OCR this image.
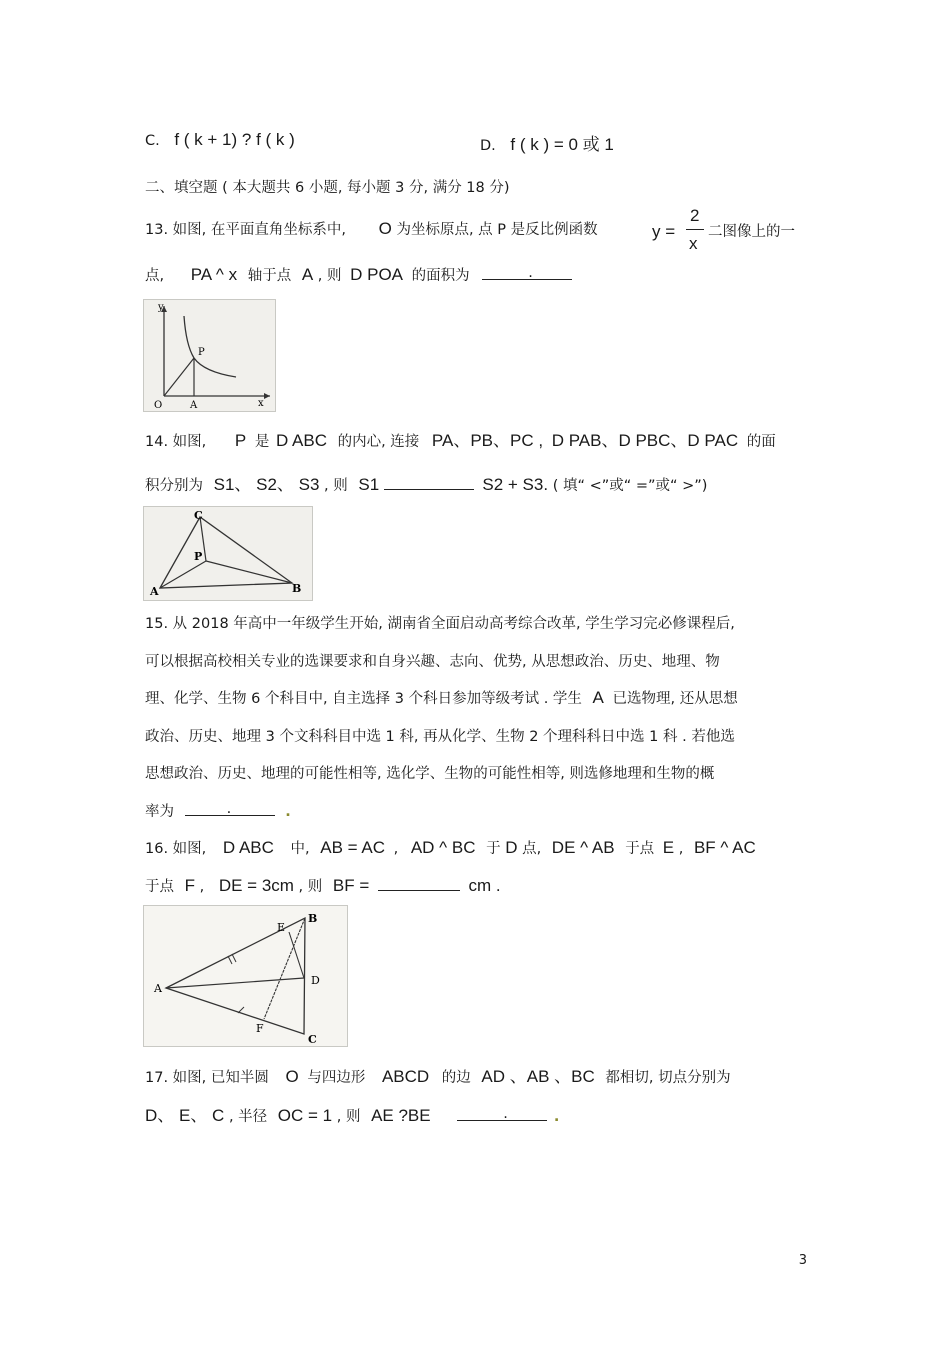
C. f ( k + 1) ? f ( k )	D. f ( k ) = 0 或 1
二、填空题 ( 本大题共 6 小题, 每小题 3 分, 满分 18 分)
13. 如图, 在平面直角坐标系中, O 为坐标原点, 点 P 是反比例函数	y =
2
x
二图像上的一
点, PA ^ x 轴于点 A , 则 D POA 的面积为	.
y
P
O	A	x
14. 如图, P 是 D ABC 的内心, 连接 PA、PB、PC , D PAB、D PBC、D PAC 的面
积分别为 S1、 S2、 S3 , 则 S1	S2 + S3. ( 填“ <”或“ =”或“ >”)
C
P
A	B
15. 从 2018 年高中一年级学生开始, 湖南省全面启动高考综合改革, 学生学习完必修课程后,
可以根据高校相关专业的选课要求和自身兴趣、志向、优势, 从思想政治、历史、地理、物
理、化学、生物 6 个科目中, 自主选择 3 个科日参加等级考试 . 学生 A 已选物理, 还从思想
政治、历史、地理 3 个文科科目中选 1 科, 再从化学、生物 2 个理科科日中选 1 科 . 若他选
思想政治、历史、地理的可能性相等, 选化学、生物的可能性相等, 则选修地理和生物的概
率为	.	.
16. 如图, D ABC 中, AB = AC , AD ^ BC 于 D 点, DE ^ AB 于点 E , BF ^ AC
于点 F , DE = 3cm , 则 BF =	cm .
E
B
D
A
F
C
17. 如图, 已知半圆 O 与四边形 ABCD 的边 AD 、AB 、BC 都相切, 切点分别为
D、 E、 C , 半径 OC = 1 , 则 AE ?BE	.	.
3
